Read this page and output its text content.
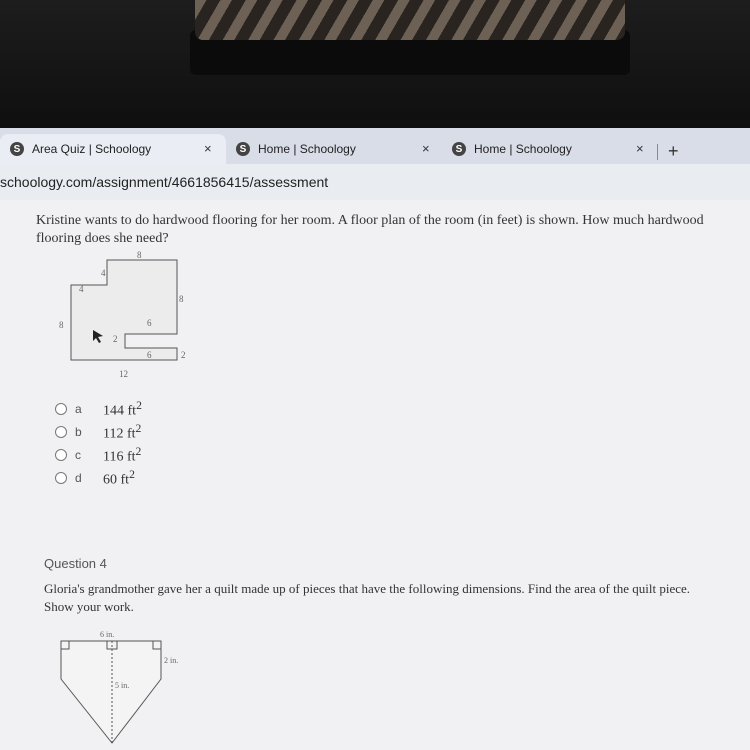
S Area Quiz | Schoology	×	S Home | Schoology	×	S Home | Schoology	× +
schoology.com/assignment/4661856415/assessment
Kristine wants to do hardwood flooring for her room. A floor plan of the room (in feet) is shown. How much hardwood
flooring does she need?
8
4
4
8
8	6
2
6	2
12
a	144 $ft^2$
b	112 $ft^2$
c	116 $ft^2$
d	60 $ft^2$
Question 4
Gloria's grandmother gave her a quilt made up of pieces that have the following dimensions. Find the area of the quilt piece.
Show your work.
6 in.
2 in.
5 in.
